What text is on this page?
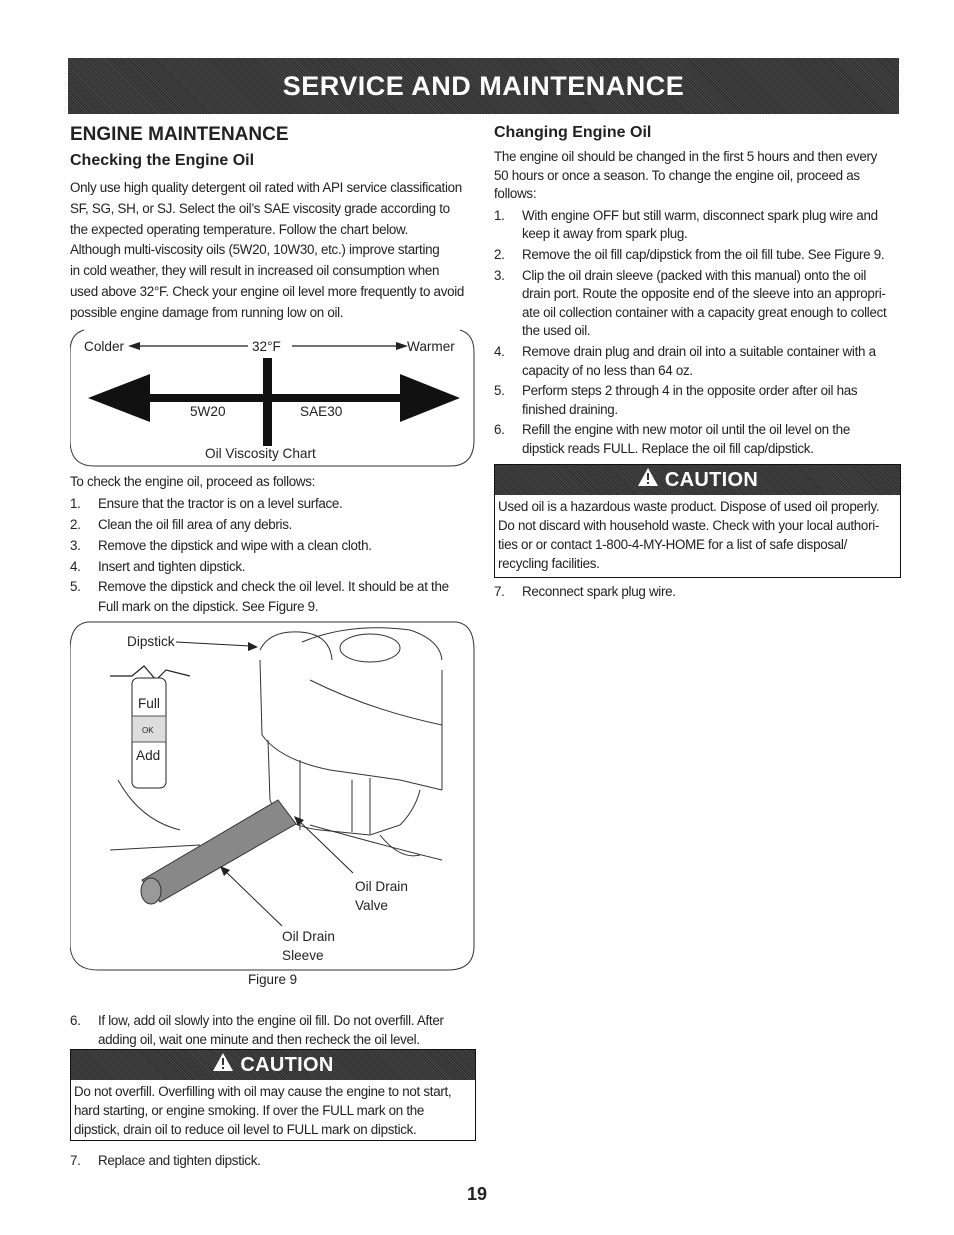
SERVICE AND MAINTENANCE
ENGINE MAINTENANCE
Checking the Engine Oil

Only use high quality detergent oil rated with API service classification

SF, SG, SH, or SJ. Select the oil’s SAE viscosity grade according to

the expected operating temperature. Follow the chart below.

Although multi-viscosity oils (5W20, 10W30, etc.) improve starting

in cold weather, they will result in increased oil consumption when

used above 32°F. Check your engine oil level more frequently to avoid

possible engine damage from running low on oil.

Colder	32°F	Warmer
5W20	SAE30
Oil Viscosity Chart

To check the engine oil, proceed as follows:

1.	Ensure that the tractor is on a level surface.
2.	Clean the oil fill area of any debris.
3.	Remove the dipstick and wipe with a clean cloth.
4.	Insert and tighten dipstick.
5.	Remove the dipstick and check the oil level. It should be at the
Full mark on the dipstick. See Figure 9.
Dipstick
Full
OK
Add
Oil Drain
Valve
Oil Drain
Sleeve
Figure 9
6.	If low, add oil slowly into the engine oil fill. Do not overfill. After
adding oil, wait one minute and then recheck the oil level.
CAUTION
Do not overfill. Overfilling with oil may cause the engine to not start,
hard starting, or engine smoking. If over the FULL mark on the
dipstick, drain oil to reduce oil level to FULL mark on dipstick.
7.	Replace and tighten dipstick.
Changing Engine Oil

The engine oil should be changed in the first 5 hours and then every

50 hours or once a season. To change the engine oil, proceed as

follows:

1.	With engine OFF but still warm, disconnect spark plug wire and
keep it away from spark plug.
2.	Remove the oil fill cap/dipstick from the oil fill tube. See Figure 9.
3.	Clip the oil drain sleeve (packed with this manual) onto the oil
drain port. Route the opposite end of the sleeve into an appropri-
ate oil collection container with a capacity great enough to collect
the used oil.
4.	Remove drain plug and drain oil into a suitable container with a
capacity of no less than 64 oz.
5.	Perform steps 2 through 4 in the opposite order after oil has
finished draining.
6.	Refill the engine with new motor oil until the oil level on the
dipstick reads FULL. Replace the oil fill cap/dipstick.
CAUTION
Used oil is a hazardous waste product. Dispose of used oil properly.
Do not discard with household waste. Check with your local authori-
ties or or contact 1-800-4-MY-HOME for a list of safe disposal/
recycling facilities.
7.	Reconnect spark plug wire.
19
